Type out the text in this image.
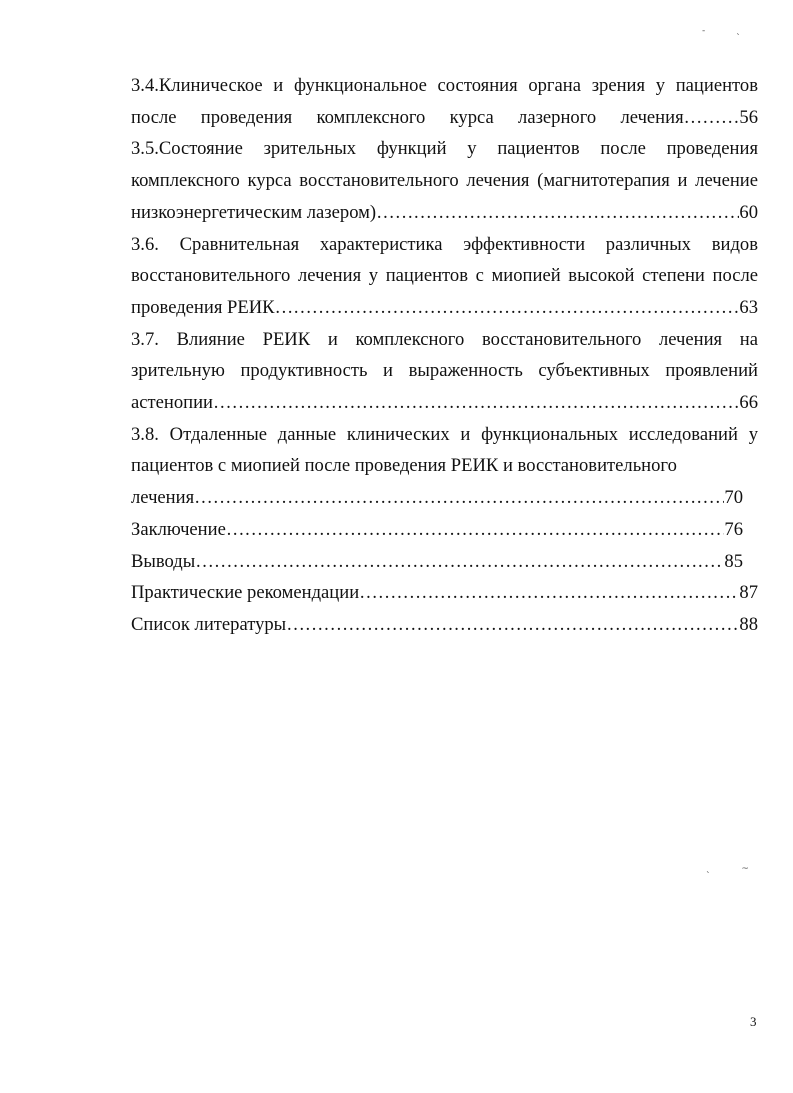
- ˎ
ˎ ~
3.4.Клиническое и функциональное состояния органа зрения у пациентов
после проведения комплексного курса лазерного лечения ………56
3.5.Состояние зрительных функций у пациентов после проведения
комплексного курса восстановительного лечения (магнитотерапия и лечение
низкоэнергетическим лазером) ………………………………………………………………………………………………………………………………………………………………………………	60
3.6. Сравнительная характеристика эффективности различных видов
восстановительного лечения у пациентов с миопией высокой степени после
проведения РЕИК ………………………………………………………………………………………………………………………………………………………………………………	63
3.7. Влияние РЕИК и комплексного восстановительного лечения на
зрительную продуктивность и выраженность субъективных проявлений
астенопии ………………………………………………………………………………………………………………………………………………………………………………	66
3.8. Отдаленные данные клинических и функциональных исследований у
пациентов с миопией после проведения РЕИК и восстановительного
лечения ………………………………………………………………………………………………………………………………………………………………………………	70
Заключение ………………………………………………………………………………………………………………………………………………………………………………	76
Выводы ………………………………………………………………………………………………………………………………………………………………………………	85
Практические рекомендации ………………………………………………………………………………………………………………………………………………………………………………	87
Список литературы ………………………………………………………………………………………………………………………………………………………………………………	88
3
